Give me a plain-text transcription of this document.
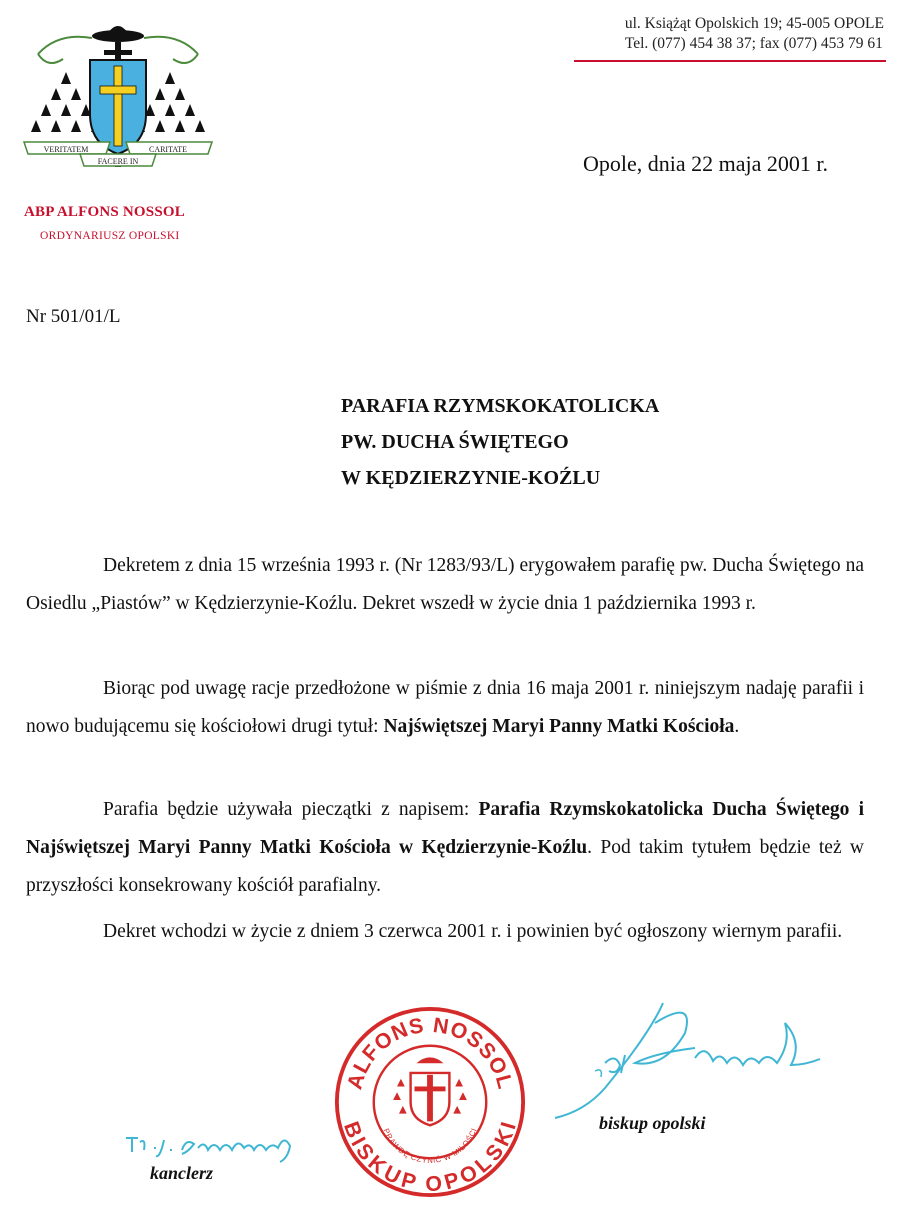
VERITATEM	CARITATE
FACERE IN
ul. Książąt Opolskich 19; 45-005 OPOLE
Tel. (077) 454 38 37; fax (077) 453 79 61
ABP ALFONS NOSSOL
ORDYNARIUSZ OPOLSKI
Opole, dnia 22 maja 2001 r.
Nr 501/01/L
PARAFIA RZYMSKOKATOLICKA
PW. DUCHA ŚWIĘTEGO
W KĘDZIERZYNIE-KOŹLU
Dekretem z dnia 15 września 1993 r. (Nr 1283/93/L) erygowałem parafię pw. Ducha Świętego na Osiedlu „Piastów” w Kędzierzynie-Koźlu. Dekret wszedł w życie dnia 1 października 1993 r.
Biorąc pod uwagę racje przedłożone w piśmie z dnia 16 maja 2001 r. niniejszym nadaję parafii i nowo budującemu się kościołowi drugi tytuł: Najświętszej Maryi Panny Matki Kościoła.
Parafia będzie używała pieczątki z napisem: Parafia Rzymskokatolicka Ducha Świętego i Najświętszej Maryi Panny Matki Kościoła w Kędzierzynie-Koźlu. Pod takim tytułem będzie też w przyszłości konsekrowany kościół parafialny.
Dekret wchodzi w życie z dniem 3 czerwca 2001 r. i powinien być ogłoszony wiernym parafii.
ALFONS NOSSOL
BISKUP OPOLSKI
PRAWDĘ CZYNIĆ W MIŁOŚCI	biskup opolski
kanclerz
